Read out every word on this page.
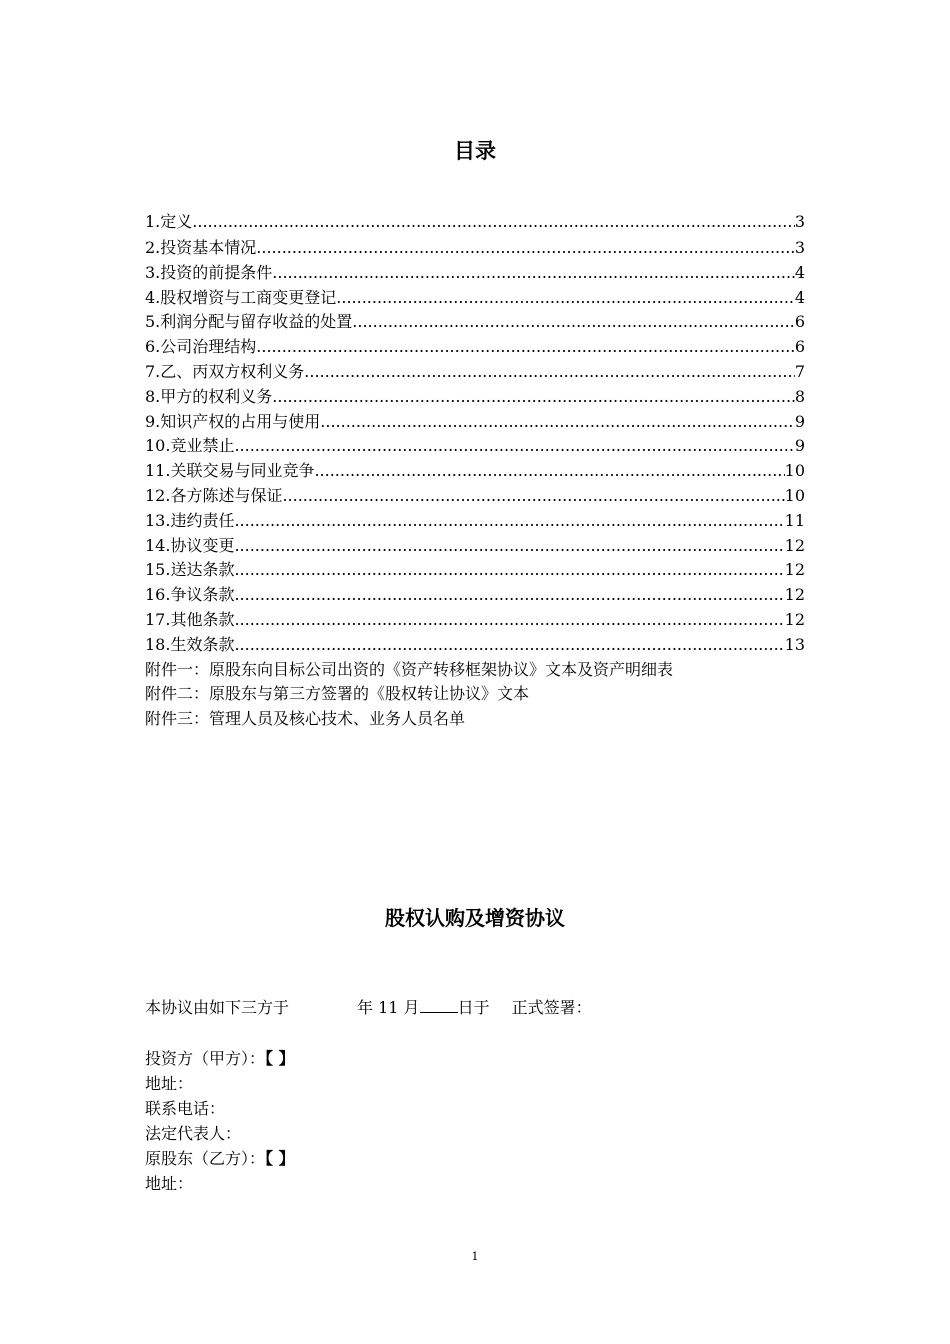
目录
1.定义 .....	3
2.投资基本情况 .....	3
3.投资的前提条件 .....	4
4.股权增资与工商变更登记 .....	4
5.利润分配与留存收益的处置 .....	6
6.公司治理结构 .....	6
7.乙、丙双方权利义务 .....	7
8.甲方的权利义务 .....	8
9.知识产权的占用与使用 .....	9
10.竞业禁止 .....	9
11.关联交易与同业竞争 .....	10
12.各方陈述与保证 .....	10
13.违约责任 .....	11
14.协议变更 .....	12
15.送达条款 .....	12
16.争议条款 .....	12
17.其他条款 .....	12
18.生效条款 .....	13
附件一：原股东向目标公司出资的《资产转移框架协议》文本及资产明细表
附件二：原股东与第三方签署的《股权转让协议》文本
附件三：管理人员及核心技术、业务人员名单
股权认购及增资协议
本协议由如下三方于	年 11 月 日于 正式签署：
投资方（甲方）：【 】
地址：
联系电话：
法定代表人：
原股东（乙方）：【 】
地址：
1
